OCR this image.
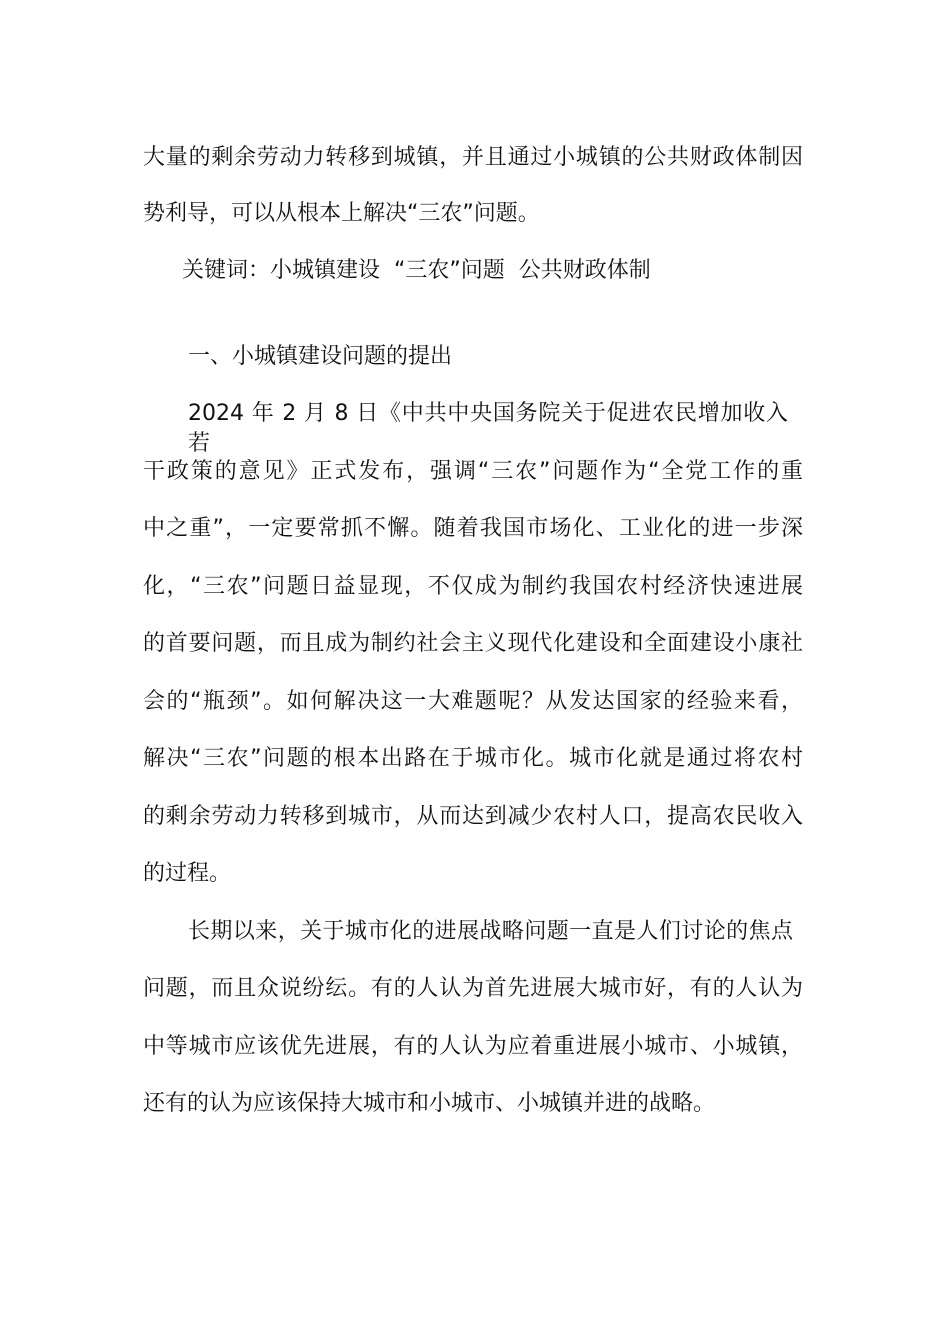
大量的剩余劳动力转移到城镇，并且通过小城镇的公共财政体制因
势利导，可以从根本上解决“三农”问题。
关键词：小城镇建设  “三农”问题  公共财政体制
一、小城镇建设问题的提出
2024 年 2 月 8 日《中共中央国务院关于促进农民增加收入若
干政策的意见》正式发布，强调“三农”问题作为“全党工作的重
中之重”，一定要常抓不懈。随着我国市场化、工业化的进一步深
化，“三农”问题日益显现，不仅成为制约我国农村经济快速进展
的首要问题，而且成为制约社会主义现代化建设和全面建设小康社
会的“瓶颈”。如何解决这一大难题呢？从发达国家的经验来看，
解决“三农”问题的根本出路在于城市化。城市化就是通过将农村
的剩余劳动力转移到城市，从而达到减少农村人口，提高农民收入
的过程。
长期以来，关于城市化的进展战略问题一直是人们讨论的焦点
问题，而且众说纷纭。有的人认为首先进展大城市好，有的人认为
中等城市应该优先进展，有的人认为应着重进展小城市、小城镇，
还有的认为应该保持大城市和小城市、小城镇并进的战略。
